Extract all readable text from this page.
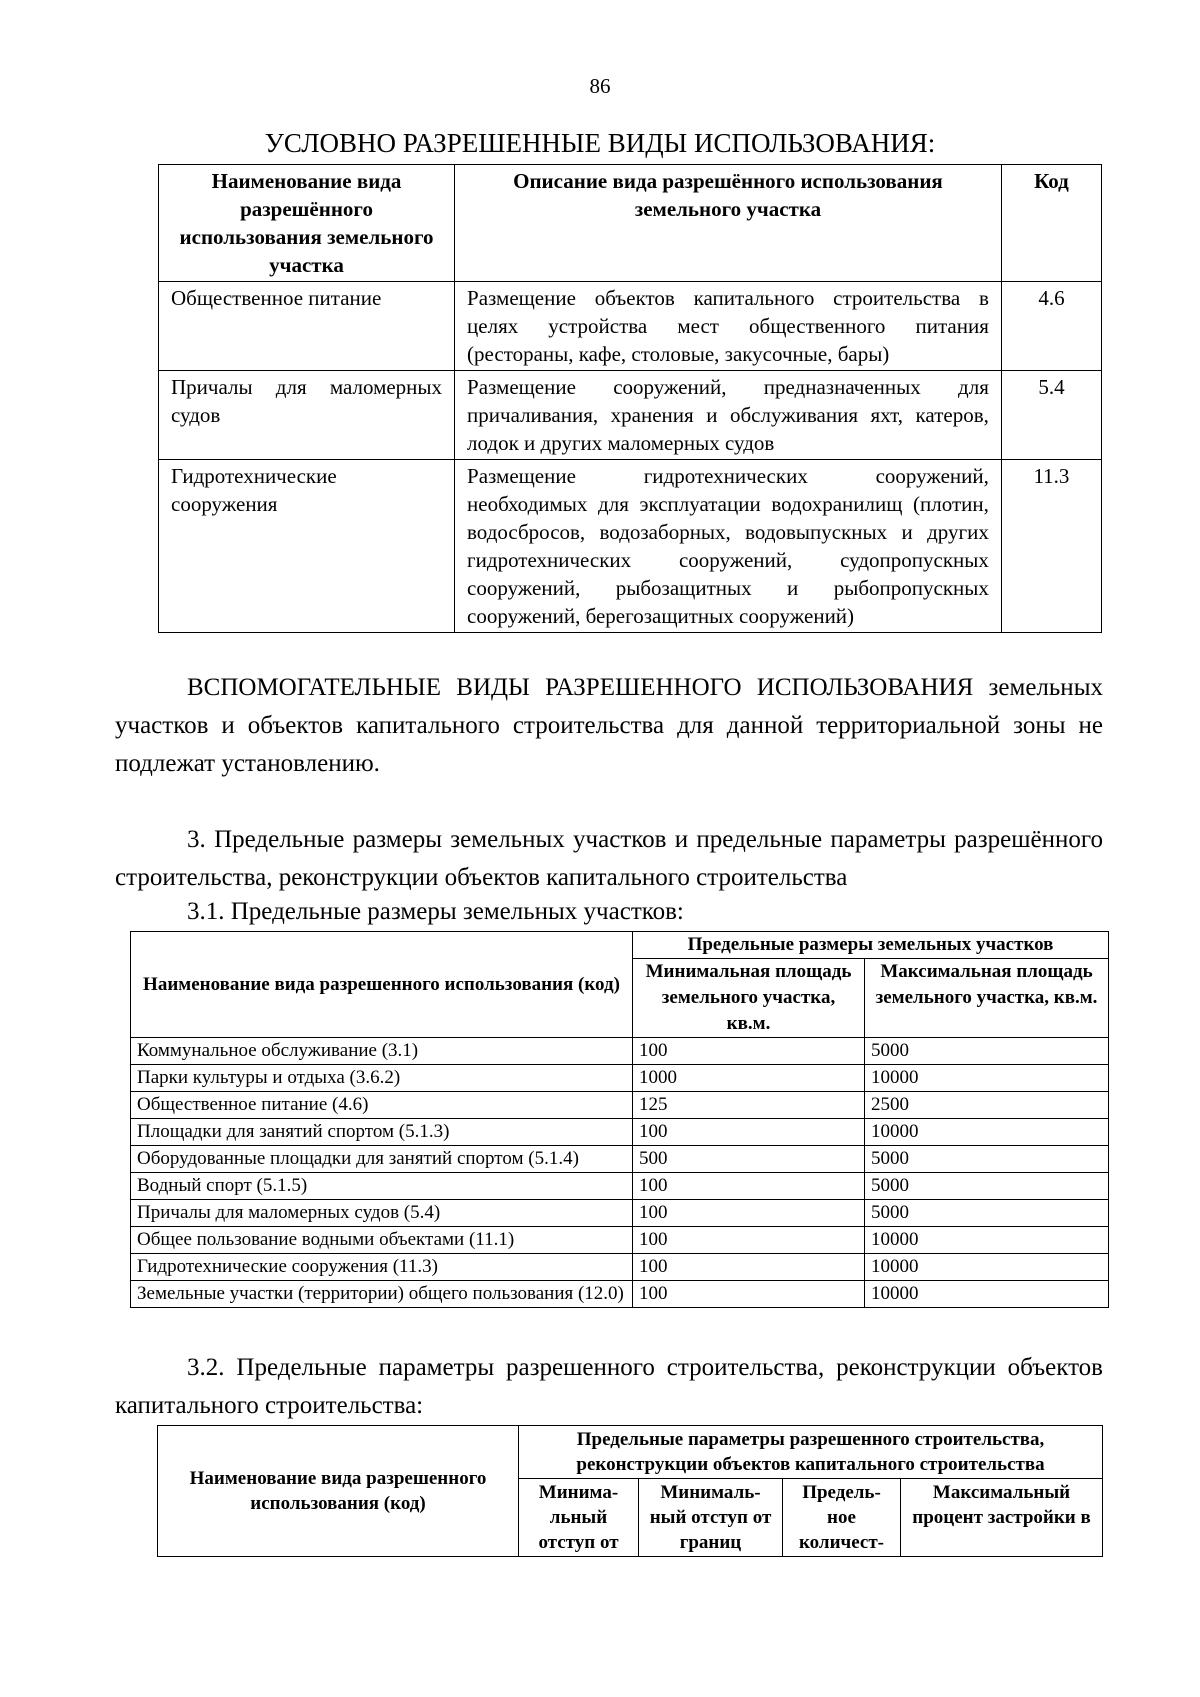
86
УСЛОВНО РАЗРЕШЕННЫЕ ВИДЫ ИСПОЛЬЗОВАНИЯ:
Наименование вида разрешённого использования земельного участка	Описание вида разрешённого использования земельного участка	Код
Общественное питание	Размещение объектов капитального строительства в целях устройства мест общественного питания (рестораны, кафе, столовые, закусочные, бары)	4.6
Причалы для маломерных судов	Размещение сооружений, предназначенных для причаливания, хранения и обслуживания яхт, катеров, лодок и других маломерных судов	5.4
Гидротехнические сооружения	Размещение гидротехнических сооружений, необходимых для эксплуатации водохранилищ (плотин, водосбросов, водозаборных, водовыпускных и других гидротехнических сооружений, судопропускных сооружений, рыбозащитных и рыбопропускных сооружений, берегозащитных сооружений)	11.3
ВСПОМОГАТЕЛЬНЫЕ ВИДЫ РАЗРЕШЕННОГО ИСПОЛЬЗОВАНИЯ земельных участков и объектов капитального строительства для данной территориальной зоны не подлежат установлению.
3. Предельные размеры земельных участков и предельные параметры разрешённого строительства, реконструкции объектов капитального строительства
3.1. Предельные размеры земельных участков:
Наименование вида разрешенного использования (код)	Предельные размеры земельных участков	
	Минимальная площадь земельного участка, кв.м.	Максимальная площадь земельного участка, кв.м.
Коммунальное обслуживание (3.1)	100	5000
Парки культуры и отдыха (3.6.2)	1000	10000
Общественное питание (4.6)	125	2500
Площадки для занятий спортом (5.1.3)	100	10000
Оборудованные площадки для занятий спортом (5.1.4)	500	5000
Водный спорт (5.1.5)	100	5000
Причалы для маломерных судов (5.4)	100	5000
Общее пользование водными объектами (11.1)	100	10000
Гидротехнические сооружения (11.3)	100	10000
Земельные участки (территории) общего пользования (12.0)	100	10000
3.2. Предельные параметры разрешенного строительства, реконструкции объектов капитального строительства:
Наименование вида разрешенного использования (код)	Предельные параметры разрешенного строительства, реконструкции объектов капитального строительства			
	Минима-льный отступ от	Минималь-ный отступ от границ	Предель-ное количест-	Максимальный процент застройки в
